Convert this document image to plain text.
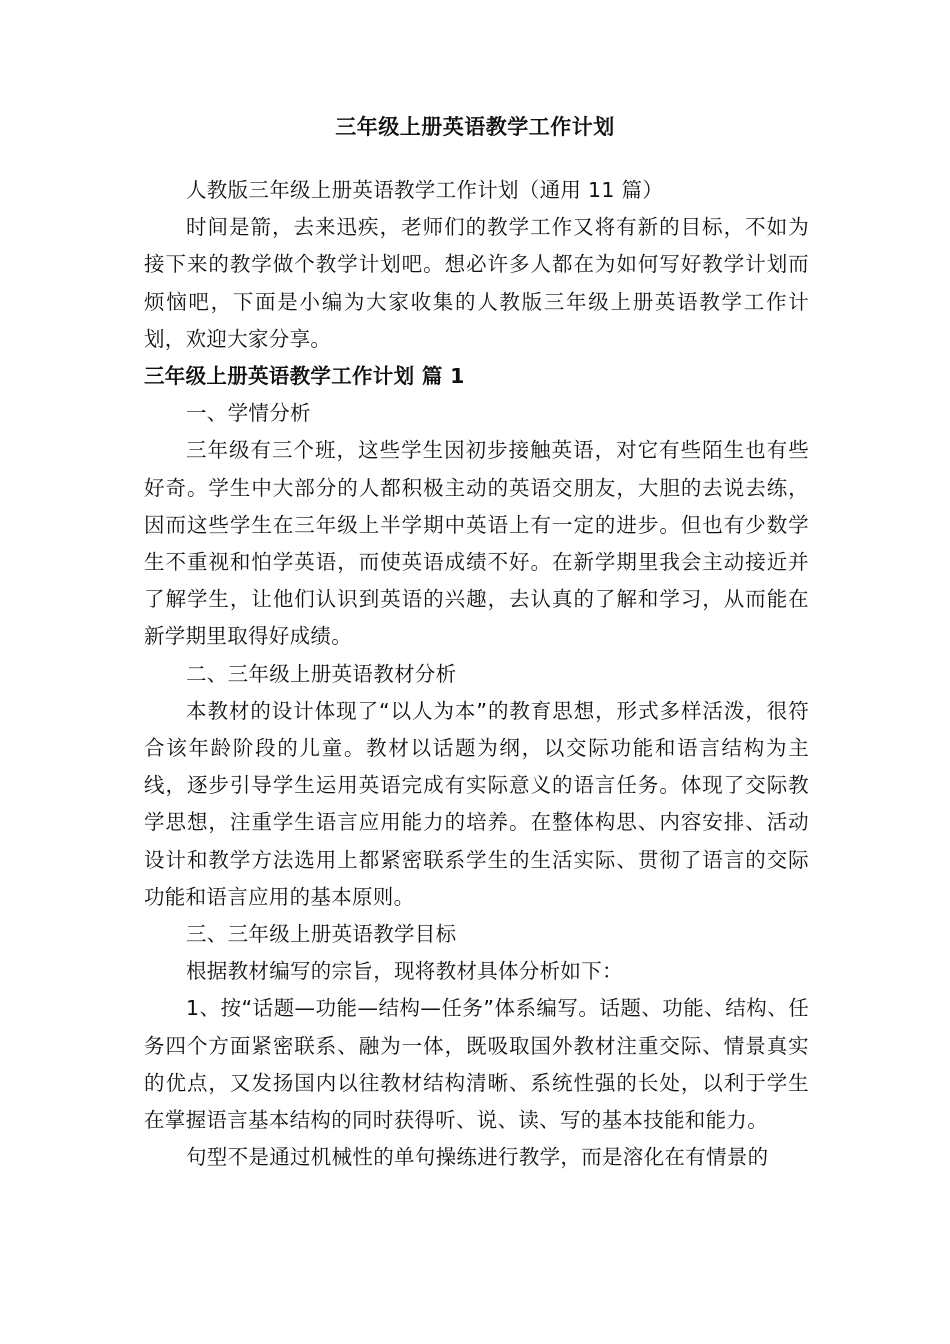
三年级上册英语教学工作计划

人教版三年级上册英语教学工作计划（通用 11 篇）

时间是箭，去来迅疾，老师们的教学工作又将有新的目标，不如为接下来的教学做个教学计划吧。想必许多人都在为如何写好教学计划而烦恼吧，下面是小编为大家收集的人教版三年级上册英语教学工作计划，欢迎大家分享。

三年级上册英语教学工作计划 篇 1

一、学情分析

三年级有三个班，这些学生因初步接触英语，对它有些陌生也有些好奇。学生中大部分的人都积极主动的英语交朋友，大胆的去说去练，因而这些学生在三年级上半学期中英语上有一定的进步。但也有少数学生不重视和怕学英语，而使英语成绩不好。在新学期里我会主动接近并了解学生，让他们认识到英语的兴趣，去认真的了解和学习，从而能在新学期里取得好成绩。

二、三年级上册英语教材分析

本教材的设计体现了“以人为本”的教育思想，形式多样活泼，很符合该年龄阶段的儿童。教材以话题为纲，以交际功能和语言结构为主线，逐步引导学生运用英语完成有实际意义的语言任务。体现了交际教学思想，注重学生语言应用能力的培养。在整体构思、内容安排、活动设计和教学方法选用上都紧密联系学生的生活实际、贯彻了语言的交际功能和语言应用的基本原则。

三、三年级上册英语教学目标

根据教材编写的宗旨，现将教材具体分析如下：

1、按“话题—功能—结构—任务”体系编写。话题、功能、结构、任务四个方面紧密联系、融为一体，既吸取国外教材注重交际、情景真实的优点，又发扬国内以往教材结构清晰、系统性强的长处，以利于学生在掌握语言基本结构的同时获得听、说、读、写的基本技能和能力。

句型不是通过机械性的单句操练进行教学，而是溶化在有情景的
